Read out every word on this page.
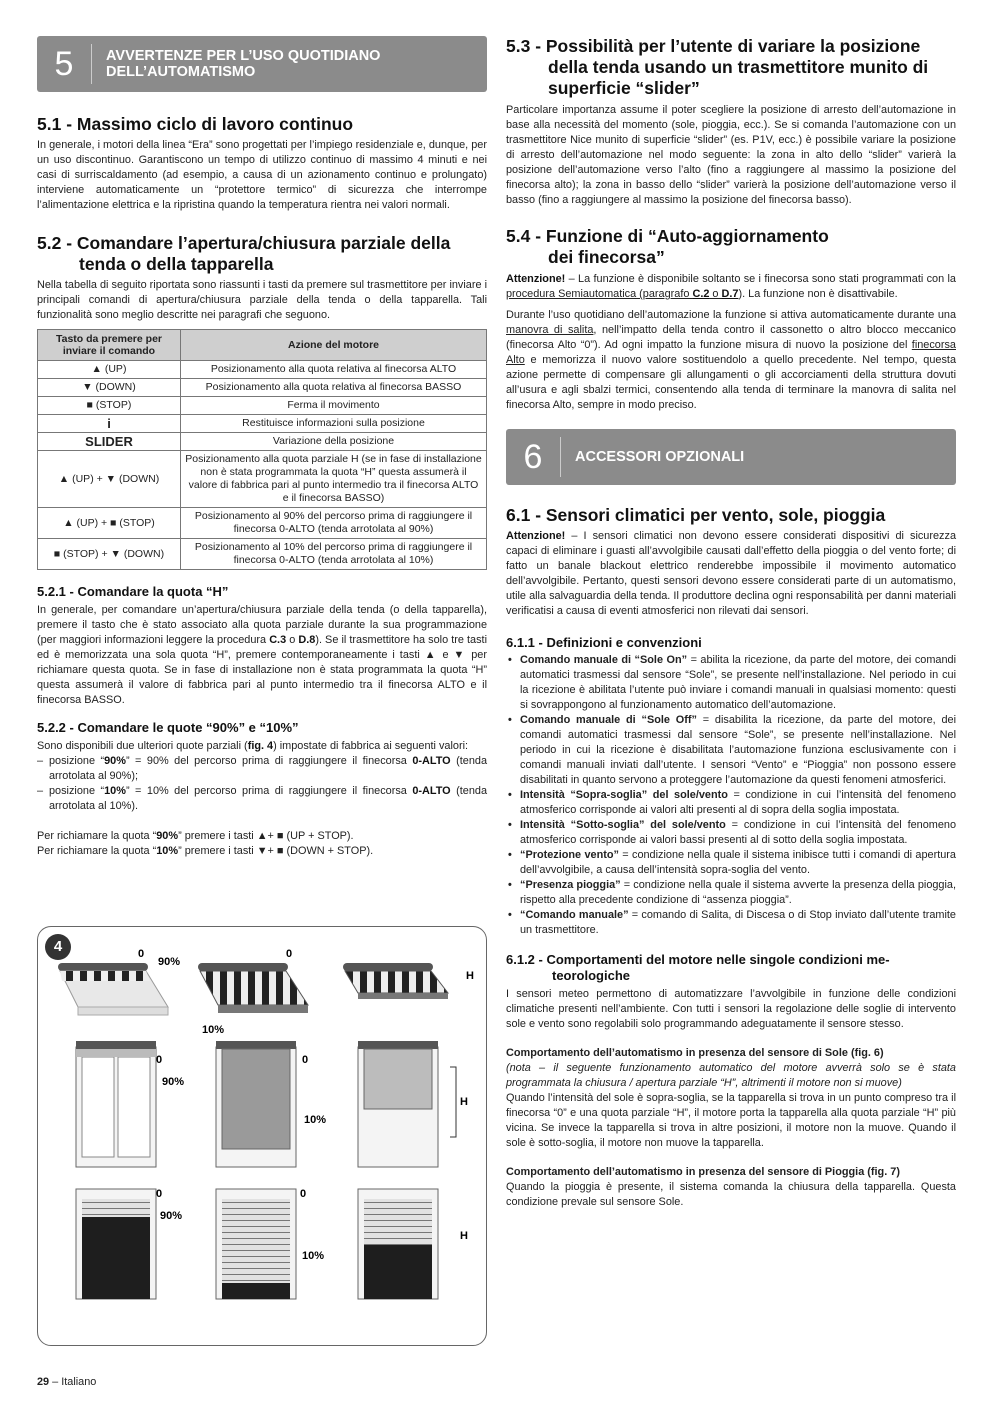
5	AVVERTENZE PER L’USO QUOTIDIANO
DELL’AUTOMATISMO
5.1 - Massimo ciclo di lavoro continuo

In generale, i motori della linea “Era” sono progettati per l’impiego residenziale e, dunque, per un uso discontinuo. Garantiscono un tempo di utilizzo continuo di massimo 4 minuti e nei casi di surriscaldamento (ad esempio, a causa di un azionamento continuo e prolungato) interviene automaticamente un “protettore termico” di sicurezza che interrompe l’alimentazione elettrica e la ripristina quando la temperatura rientra nei valori normali.

5.2 - Comandare l’apertura/chiusura parziale della
tenda o della tapparella

Nella tabella di seguito riportata sono riassunti i tasti da premere sul trasmettitore per inviare i principali comandi di apertura/chiusura parziale della tenda o della tapparella. Tali funzionalità sono meglio descritte nei paragrafi che seguono.

Tasto da premere per inviare il comando	Azione del motore
▲ (UP)	Posizionamento alla quota relativa al finecorsa ALTO
▼ (DOWN)	Posizionamento alla quota relativa al finecorsa BASSO
■ (STOP)	Ferma il movimento
i	Restituisce informazioni sulla posizione
SLIDER	Variazione della posizione
▲ (UP) + ▼ (DOWN)	Posizionamento alla quota parziale H (se in fase di installazione non è stata programmata la quota “H” questa assumerà il valore di fabbrica pari al punto intermedio tra il finecorsa ALTO e il finecorsa BASSO)
▲ (UP) + ■ (STOP)	Posizionamento al 90% del percorso prima di raggiungere il finecorsa 0-ALTO (tenda arrotolata al 90%)
■ (STOP) + ▼ (DOWN)	Posizionamento al 10% del percorso prima di raggiungere il finecorsa 0-ALTO (tenda arrotolata al 10%)
5.2.1 - Comandare la quota “H”

In generale, per comandare un’apertura/chiusura parziale della tenda (o della tapparella), premere il tasto che è stato associato alla quota parziale durante la sua programmazione (per maggiori informazioni leggere la procedura C.3 o D.8). Se il trasmettitore ha solo tre tasti ed è memorizzata una sola quota “H”, premere contemporaneamente i tasti ▲ e ▼ per richiamare questa quota. Se in fase di installazione non è stata programmata la quota “H” questa assumerà il valore di fabbrica pari al punto intermedio tra il finecorsa ALTO e il finecorsa BASSO.

5.2.2 - Comandare le quote “90%” e “10%”

Sono disponibili due ulteriori quote parziali (fig. 4) impostate di fabbrica ai seguenti valori:

– posizione “90%” = 90% del percorso prima di raggiungere il finecorsa 0-ALTO (tenda arrotolata al 90%);
– posizione “10%” = 10% del percorso prima di raggiungere il finecorsa 0-ALTO (tenda arrotolata al 10%).

Per richiamare la quota “90%” premere i tasti ▲+ ■ (UP + STOP).

Per richiamare la quota “10%” premere i tasti ▼+ ■ (DOWN + STOP).

4	0
90%
0
10%
H
0
90%
0
10%
H
0
90%
0
10%
H
5.3 - Possibilità per l’utente di variare la posizione
della tenda usando un trasmettitore munito di
superficie “slider”

Particolare importanza assume il poter scegliere la posizione di arresto dell’automazione in base alla necessità del momento (sole, pioggia, ecc.). Se si comanda l’automazione con un trasmettitore Nice munito di superficie “slider” (es. P1V, ecc.) è possibile variare la posizione di arresto dell’automazione nel modo seguente: la zona in alto dello “slider” varierà la posizione dell’automazione verso l’alto (fino a raggiungere al massimo la posizione del finecorsa alto); la zona in basso dello “slider” varierà la posizione dell’automazione verso il basso (fino a raggiungere al massimo la posizione del finecorsa basso).

5.4 - Funzione di “Auto-aggiornamento
dei finecorsa”

Attenzione! – La funzione è disponibile soltanto se i finecorsa sono stati programmati con la procedura Semiautomatica (paragrafo C.2 o D.7). La funzione non è disattivabile.

Durante l’uso quotidiano dell’automazione la funzione si attiva automaticamente durante una manovra di salita, nell’impatto della tenda contro il cassonetto o altro blocco meccanico (finecorsa Alto “0”). Ad ogni impatto la funzione misura di nuovo la posizione del finecorsa Alto e memorizza il nuovo valore sostituendolo a quello precedente. Nel tempo, questa azione permette di compensare gli allungamenti o gli accorciamenti della struttura dovuti all’usura e agli sbalzi termici, consentendo alla tenda di terminare la manovra di salita nel finecorsa Alto, sempre in modo preciso.

6	ACCESSORI OPZIONALI
6.1 - Sensori climatici per vento, sole, pioggia

Attenzione! – I sensori climatici non devono essere considerati dispositivi di sicurezza capaci di eliminare i guasti all’avvolgibile causati dall’effetto della pioggia o del vento forte; di fatto un banale blackout elettrico renderebbe impossibile il movimento automatico dell’avvolgibile. Pertanto, questi sensori devono essere considerati parte di un automatismo, utile alla salvaguardia della tenda. Il produttore declina ogni responsabilità per danni materiali verificatisi a causa di eventi atmosferici non rilevati dai sensori.

6.1.1 - Definizioni e convenzioni
• Comando manuale di “Sole On” = abilita la ricezione, da parte del motore, dei comandi automatici trasmessi dal sensore “Sole”, se presente nell’installazione. Nel periodo in cui la ricezione è abilitata l’utente può inviare i comandi manuali in qualsiasi momento: questi si sovrappongono al funzionamento automatico dell’automazione.
• Comando manuale di “Sole Off” = disabilita la ricezione, da parte del motore, dei comandi automatici trasmessi dal sensore “Sole”, se presente nell’installazione. Nel periodo in cui la ricezione è disabilitata l’automazione funziona esclusivamente con i comandi manuali inviati dall’utente. I sensori “Vento” e “Pioggia” non possono essere disabilitati in quanto servono a proteggere l’automazione da questi fenomeni atmosferici.
• Intensità “Sopra-soglia” del sole/vento = condizione in cui l’intensità del fenomeno atmosferico corrisponde ai valori alti presenti al di sopra della soglia impostata.
• Intensità “Sotto-soglia” del sole/vento = condizione in cui l’intensità del fenomeno atmosferico corrisponde ai valori bassi presenti al di sotto della soglia impostata.
• “Protezione vento” = condizione nella quale il sistema inibisce tutti i comandi di apertura dell’avvolgibile, a causa dell’intensità sopra-soglia del vento.
• “Presenza pioggia” = condizione nella quale il sistema avverte la presenza della pioggia, rispetto alla precedente condizione di “assenza pioggia”.
• “Comando manuale” = comando di Salita, di Discesa o di Stop inviato dall’utente tramite un trasmettitore.
6.1.2 - Comportamenti del motore nelle singole condizioni me-
teorologiche

I sensori meteo permettono di automatizzare l’avvolgibile in funzione delle condizioni climatiche presenti nell’ambiente. Con tutti i sensori la regolazione delle soglie di intervento sole e vento sono regolabili solo programmando adeguatamente il sensore stesso.

Comportamento dell’automatismo in presenza del sensore di Sole (fig. 6)

(nota – il seguente funzionamento automatico del motore avverrà solo se è stata programmata la chiusura / apertura parziale “H”, altrimenti il motore non si muove)

Quando l’intensità del sole è sopra-soglia, se la tapparella si trova in un punto compreso tra il finecorsa “0” e una quota parziale “H”, il motore porta la tapparella alla quota parziale “H” più vicina. Se invece la tapparella si trova in altre posizioni, il motore non la muove. Quando il sole è sotto-soglia, il motore non muove la tapparella.

Comportamento dell’automatismo in presenza del sensore di Pioggia (fig. 7)

Quando la pioggia è presente, il sistema comanda la chiusura della tapparella. Questa condizione prevale sul sensore Sole.

29 – Italiano
